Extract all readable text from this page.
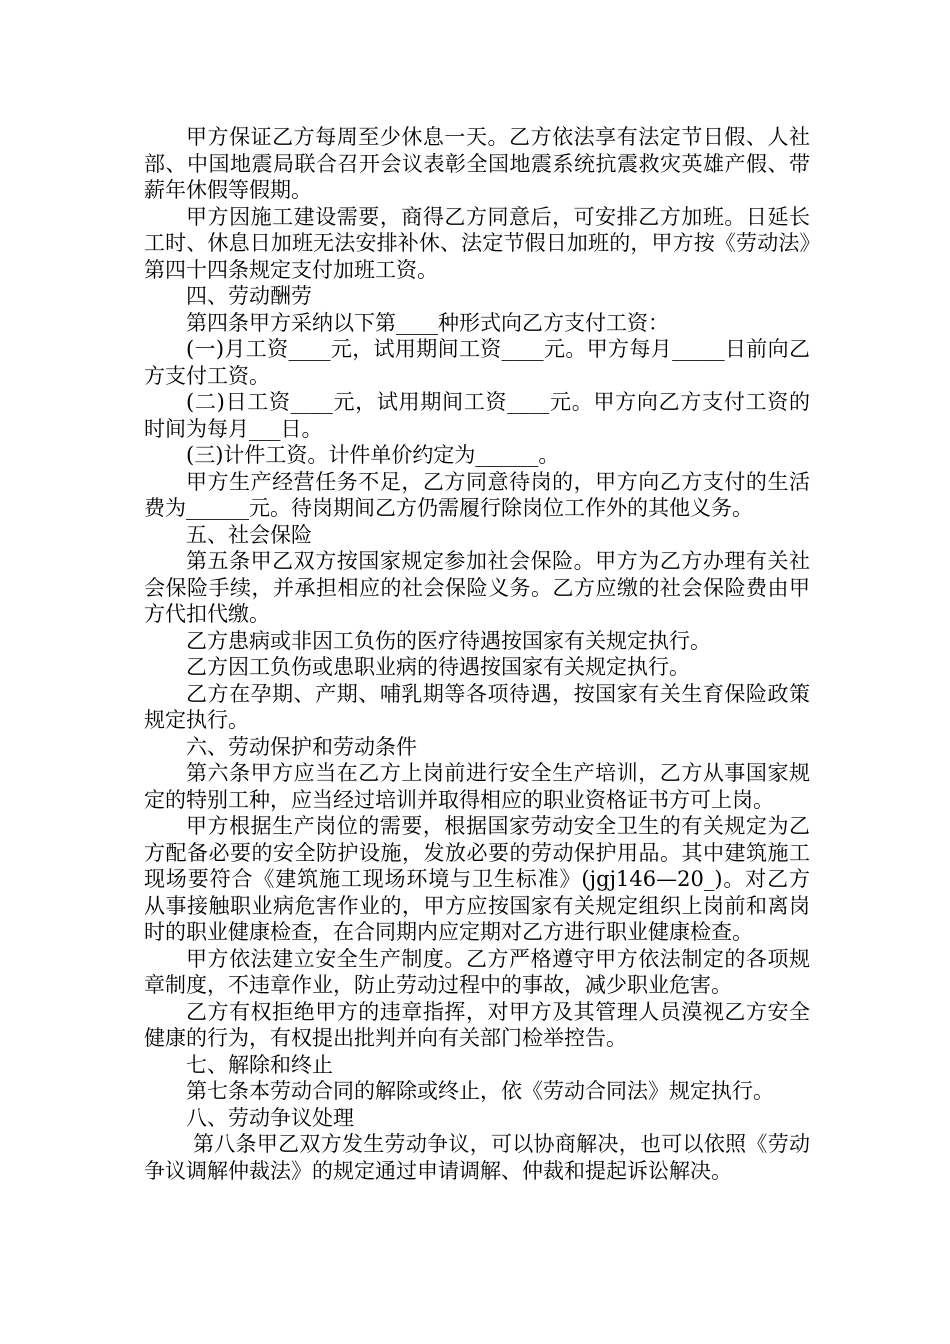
甲方保证乙方每周至少休息一天。乙方依法享有法定节日假、人社部、中国地震局联合召开会议表彰全国地震系统抗震救灾英雄产假、带薪年休假等假期。

甲方因施工建设需要，商得乙方同意后，可安排乙方加班。日延长工时、休息日加班无法安排补休、法定节假日加班的，甲方按《劳动法》第四十四条规定支付加班工资。

四、劳动酬劳

第四条甲方采纳以下第____种形式向乙方支付工资：

(一)月工资____元，试用期间工资____元。甲方每月_____日前向乙方支付工资。

(二)日工资____元，试用期间工资____元。甲方向乙方支付工资的时间为每月___日。

(三)计件工资。计件单价约定为______。

甲方生产经营任务不足，乙方同意待岗的，甲方向乙方支付的生活费为______元。待岗期间乙方仍需履行除岗位工作外的其他义务。

五、社会保险

第五条甲乙双方按国家规定参加社会保险。甲方为乙方办理有关社会保险手续，并承担相应的社会保险义务。乙方应缴的社会保险费由甲方代扣代缴。

乙方患病或非因工负伤的医疗待遇按国家有关规定执行。

乙方因工负伤或患职业病的待遇按国家有关规定执行。

乙方在孕期、产期、哺乳期等各项待遇，按国家有关生育保险政策规定执行。

六、劳动保护和劳动条件

第六条甲方应当在乙方上岗前进行安全生产培训，乙方从事国家规定的特别工种，应当经过培训并取得相应的职业资格证书方可上岗。

甲方根据生产岗位的需要，根据国家劳动安全卫生的有关规定为乙方配备必要的安全防护设施，发放必要的劳动保护用品。其中建筑施工现场要符合《建筑施工现场环境与卫生标准》(jgj146—20_)。对乙方从事接触职业病危害作业的，甲方应按国家有关规定组织上岗前和离岗时的职业健康检查，在合同期内应定期对乙方进行职业健康检查。

甲方依法建立安全生产制度。乙方严格遵守甲方依法制定的各项规章制度，不违章作业，防止劳动过程中的事故，减少职业危害。

乙方有权拒绝甲方的违章指挥，对甲方及其管理人员漠视乙方安全健康的行为，有权提出批判并向有关部门检举控告。

七、解除和终止

第七条本劳动合同的解除或终止，依《劳动合同法》规定执行。

八、劳动争议处理

第八条甲乙双方发生劳动争议，可以协商解决，也可以依照《劳动争议调解仲裁法》的规定通过申请调解、仲裁和提起诉讼解决。
